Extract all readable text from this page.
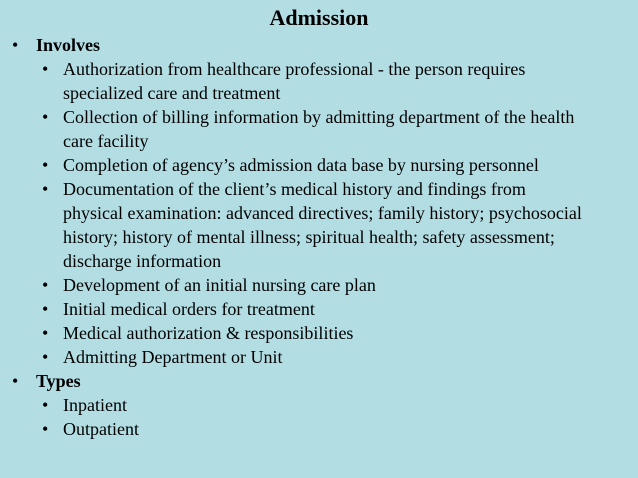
Admission
• Involves
• Authorization from healthcare professional - the person requires specialized care and treatment
• Collection of billing information by admitting department of the health care facility
• Completion of agency’s admission data base by nursing personnel
• Documentation of the client’s medical history and findings from physical examination: advanced directives; family history; psychosocial history; history of mental illness; spiritual health; safety assessment; discharge information
• Development of an initial nursing care plan
• Initial medical orders for treatment
• Medical authorization & responsibilities
• Admitting Department or Unit
• Types
• Inpatient
• Outpatient
